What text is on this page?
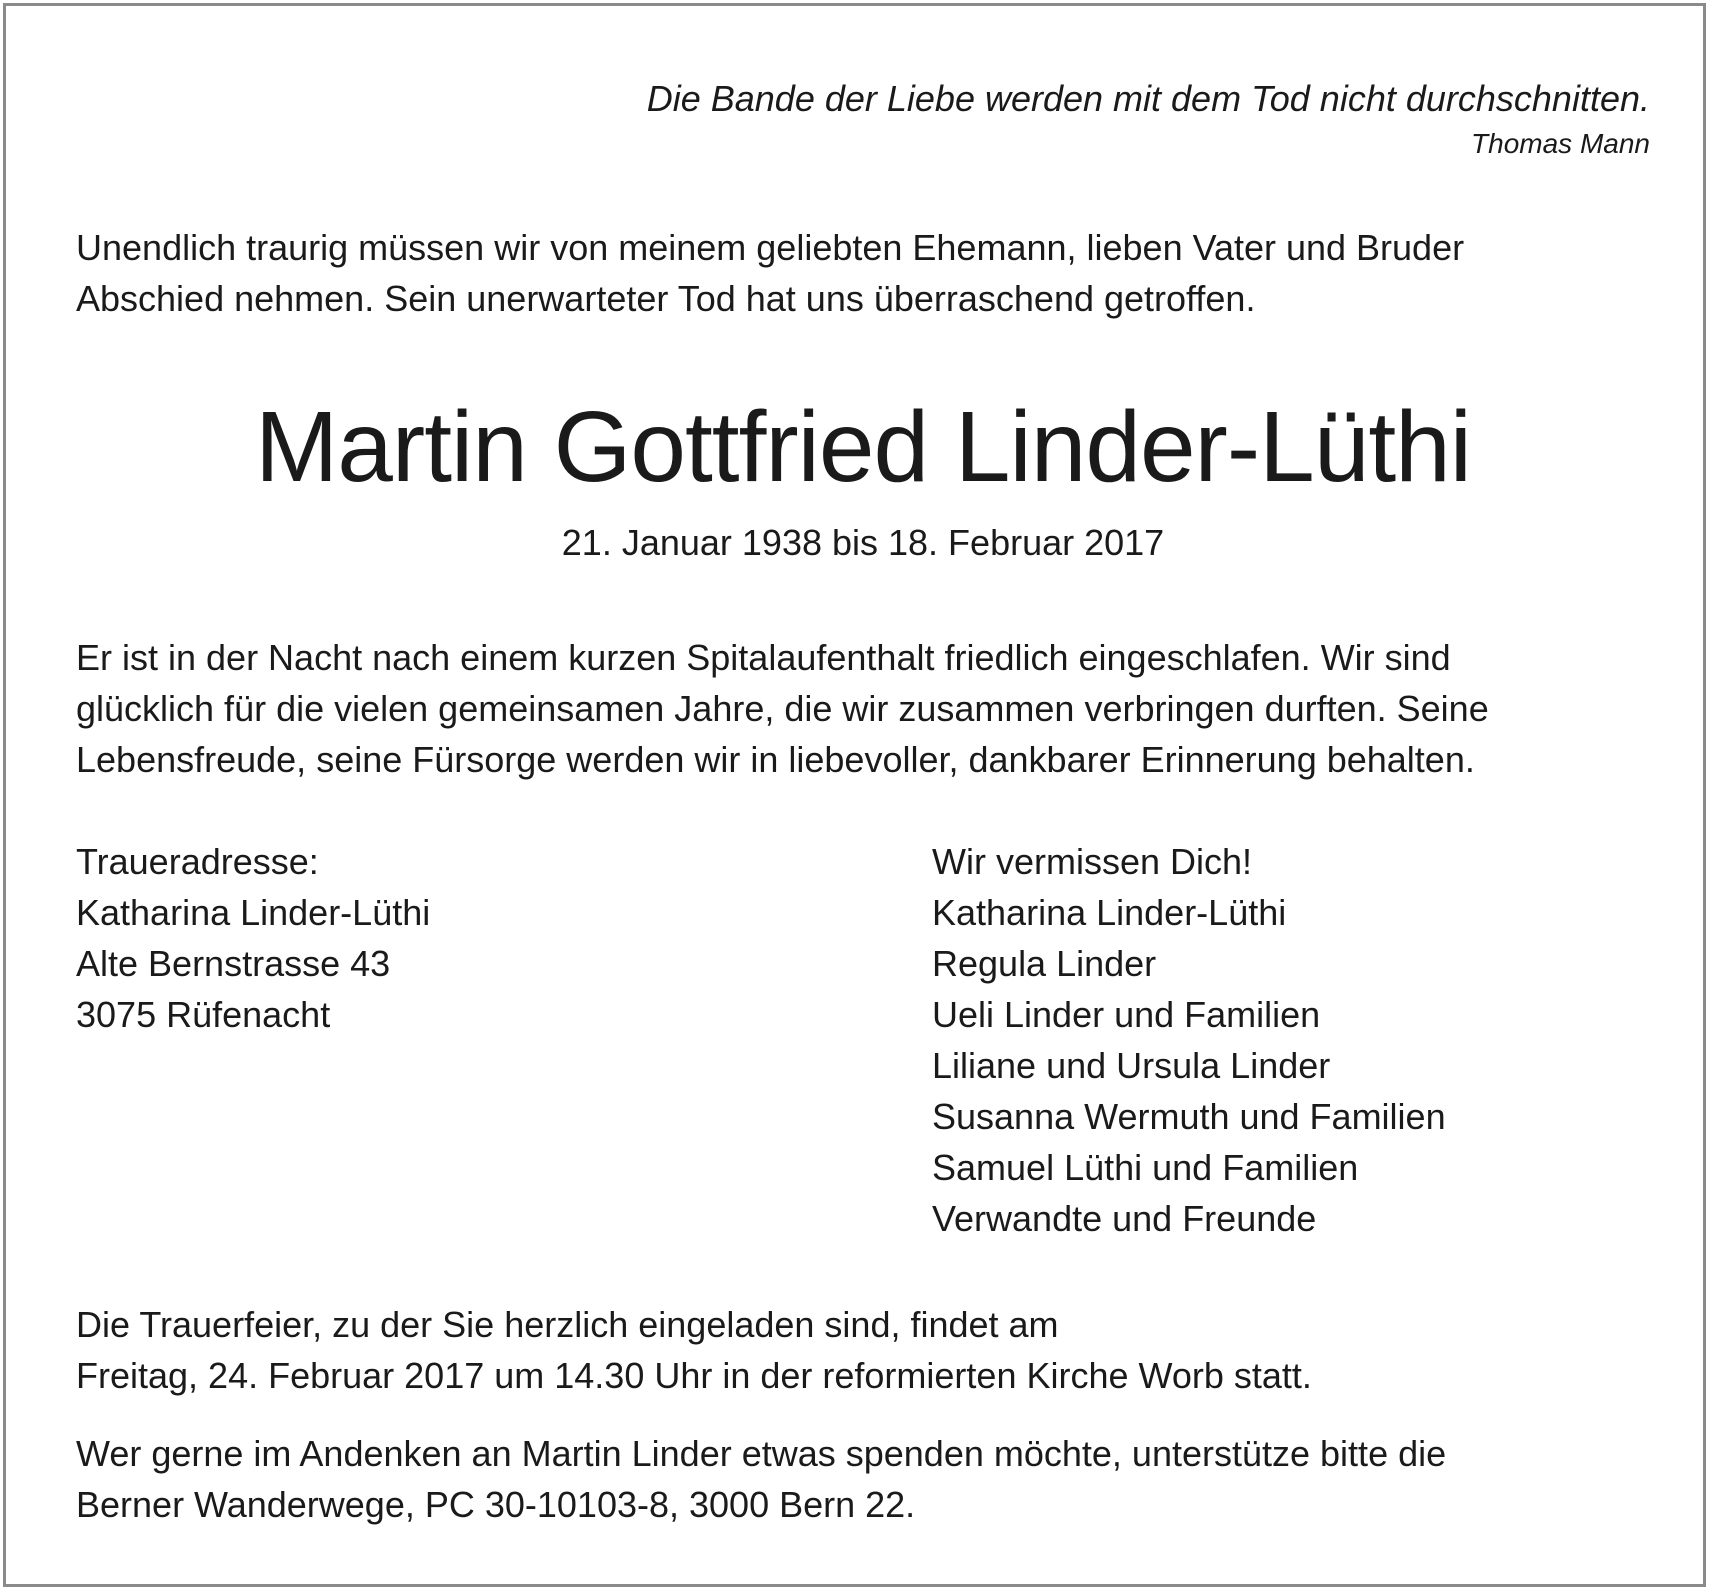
Die Bande der Liebe werden mit dem Tod nicht durchschnitten.
Thomas Mann
Unendlich traurig müssen wir von meinem geliebten Ehemann, lieben Vater und Bruder
Abschied nehmen. Sein unerwarteter Tod hat uns überraschend getroffen.
Martin Gottfried Linder-Lüthi
21. Januar 1938 bis 18. Februar 2017
Er ist in der Nacht nach einem kurzen Spitalaufenthalt friedlich eingeschlafen. Wir sind
glücklich für die vielen gemeinsamen Jahre, die wir zusammen verbringen durften. Seine
Lebensfreude, seine Fürsorge werden wir in liebevoller, dankbarer Erinnerung behalten.
Traueradresse:
Katharina Linder-Lüthi
Alte Bernstrasse 43
3075 Rüfenacht
Wir vermissen Dich!
Katharina Linder-Lüthi
Regula Linder
Ueli Linder und Familien
Liliane und Ursula Linder
Susanna Wermuth und Familien
Samuel Lüthi und Familien
Verwandte und Freunde
Die Trauerfeier, zu der Sie herzlich eingeladen sind, findet am
Freitag, 24. Februar 2017 um 14.30 Uhr in der reformierten Kirche Worb statt.
Wer gerne im Andenken an Martin Linder etwas spenden möchte, unterstütze bitte die
Berner Wanderwege, PC 30-10103-8, 3000 Bern 22.
